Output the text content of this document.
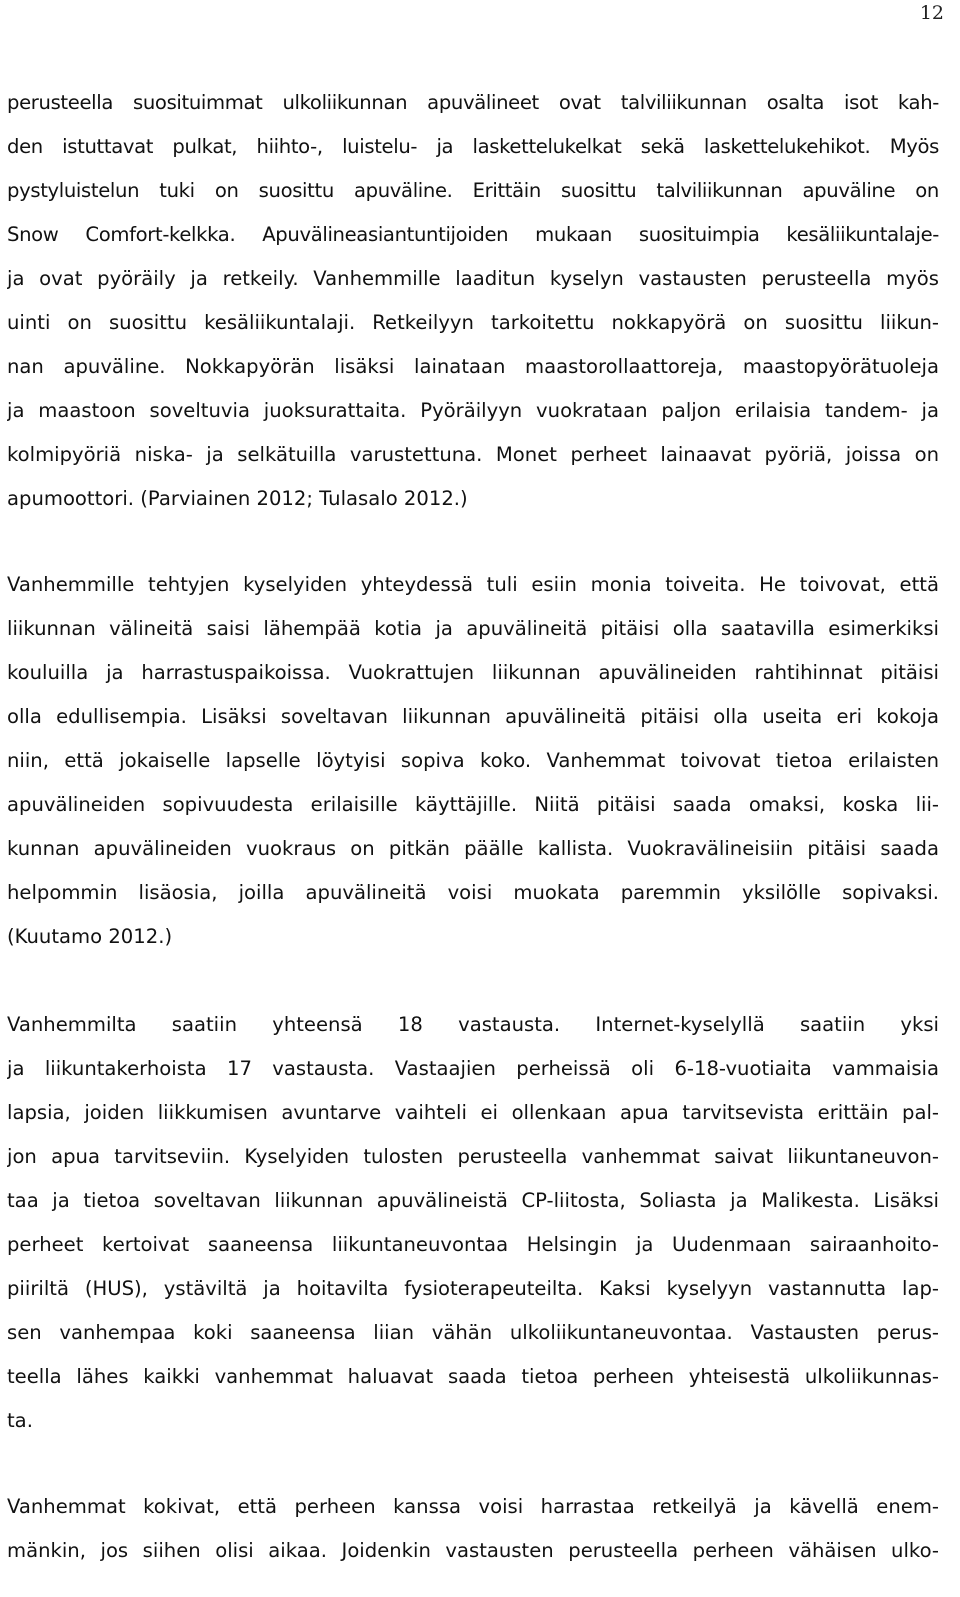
12
perusteella suosituimmat ulkoliikunnan apuvälineet ovat talviliikunnan osalta isot kah-
den istuttavat pulkat, hiihto-, luistelu- ja laskettelukelkat sekä laskettelukehikot. Myös
pystyluistelun tuki on suosittu apuväline. Erittäin suosittu talviliikunnan apuväline on
Snow Comfort-kelkka. Apuvälineasiantuntijoiden mukaan suosituimpia kesäliikuntalaje-
ja ovat pyöräily ja retkeily. Vanhemmille laaditun kyselyn vastausten perusteella myös
uinti on suosittu kesäliikuntalaji. Retkeilyyn tarkoitettu nokkapyörä on suosittu liikun-
nan apuväline. Nokkapyörän lisäksi lainataan maastorollaattoreja, maastopyörätuoleja
ja maastoon soveltuvia juoksurattaita. Pyöräilyyn vuokrataan paljon erilaisia tandem- ja
kolmipyöriä niska- ja selkätuilla varustettuna. Monet perheet lainaavat pyöriä, joissa on
apumoottori. (Parviainen 2012; Tulasalo 2012.)
Vanhemmille tehtyjen kyselyiden yhteydessä tuli esiin monia toiveita. He toivovat, että
liikunnan välineitä saisi lähempää kotia ja apuvälineitä pitäisi olla saatavilla esimerkiksi
kouluilla ja harrastuspaikoissa. Vuokrattujen liikunnan apuvälineiden rahtihinnat pitäisi
olla edullisempia. Lisäksi soveltavan liikunnan apuvälineitä pitäisi olla useita eri kokoja
niin, että jokaiselle lapselle löytyisi sopiva koko. Vanhemmat toivovat tietoa erilaisten
apuvälineiden sopivuudesta erilaisille käyttäjille. Niitä pitäisi saada omaksi, koska lii-
kunnan apuvälineiden vuokraus on pitkän päälle kallista. Vuokravälineisiin pitäisi saada
helpommin lisäosia, joilla apuvälineitä voisi muokata paremmin yksilölle sopivaksi.
(Kuutamo 2012.)
Vanhemmilta saatiin yhteensä 18 vastausta. Internet-kyselyllä saatiin yksi
ja liikuntakerhoista 17 vastausta. Vastaajien perheissä oli 6-18-vuotiaita vammaisia
lapsia, joiden liikkumisen avuntarve vaihteli ei ollenkaan apua tarvitsevista erittäin pal-
jon apua tarvitseviin. Kyselyiden tulosten perusteella vanhemmat saivat liikuntaneuvon-
taa ja tietoa soveltavan liikunnan apuvälineistä CP-liitosta, Soliasta ja Malikesta. Lisäksi
perheet kertoivat saaneensa liikuntaneuvontaa Helsingin ja Uudenmaan sairaanhoito-
piiriltä (HUS), ystäviltä ja hoitavilta fysioterapeuteilta. Kaksi kyselyyn vastannutta lap-
sen vanhempaa koki saaneensa liian vähän ulkoliikuntaneuvontaa. Vastausten perus-
teella lähes kaikki vanhemmat haluavat saada tietoa perheen yhteisestä ulkoliikunnas-
ta.
Vanhemmat kokivat, että perheen kanssa voisi harrastaa retkeilyä ja kävellä enem-
mänkin, jos siihen olisi aikaa. Joidenkin vastausten perusteella perheen vähäisen ulko-
